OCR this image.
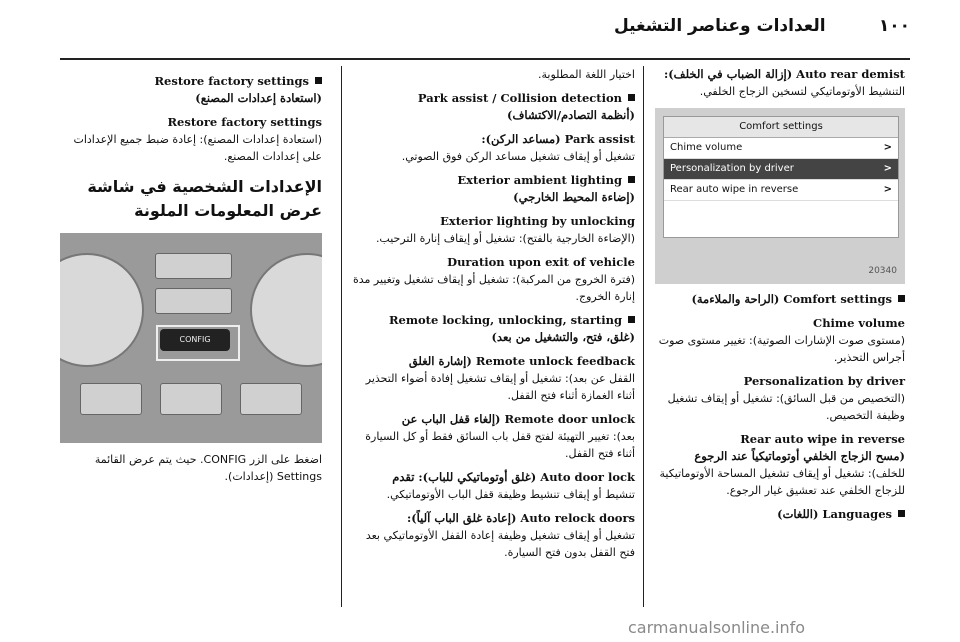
١٠٠         العدادات وعناصر التشغيل

Auto rear demist (إزالة الضباب في الخلف):

التنشيط الأوتوماتيكي لتسخين الزجاج الخلفي.

Comfort settings
Chime volume	>
Personalization by driver	>
Rear auto wipe in reverse	>
20340

Comfort settings (الراحة والملاءمة)

Chime volume

(مستوى صوت الإشارات الصوتية): تغيير مستوى صوت أجراس التحذير.

Personalization by driver

(التخصيص من قبل السائق): تشغيل أو إيقاف تشغيل وظيفة التخصيص.

Rear auto wipe in reverse

(مسح الزجاج الخلفي أوتوماتيكياً عند الرجوع

للخلف): تشغيل أو إيقاف تشغيل المساحة الأوتوماتيكية للزجاج الخلفي عند تعشيق غيار الرجوع.

Languages (اللغات)

اختيار اللغة المطلوبة.

Park assist / Collision detection

(أنظمة التصادم/الاكتشاف)

Park assist (مساعد الركن):

تشغيل أو إيقاف تشغيل مساعد الركن فوق الصوتي.

Exterior ambient lighting

(إضاءة المحيط الخارجي)

Exterior lighting by unlocking

(الإضاءة الخارجية بالفتح): تشغيل أو إيقاف إنارة الترحيب.

Duration upon exit of vehicle

(فترة الخروج من المركبة): تشغيل أو إيقاف تشغيل وتغيير مدة إنارة الخروج.

Remote locking, unlocking, starting

(غلق، فتح، والتشغيل من بعد)

Remote unlock feedback (إشارة الغلق

القفل عن بعد): تشغيل أو إيقاف تشغيل إفادة أضواء التحذير أثناء الغمازة أثناء فتح القفل.

Remote door unlock (إلغاء قفل الباب عن

بعد): تغيير التهيئة لفتح قفل باب السائق فقط أو كل السيارة أثناء فتح القفل.

Auto door lock (غلق أوتوماتيكي للباب): تقدم

تنشيط أو إيقاف تنشيط وظيفة قفل الباب الأوتوماتيكي.

Auto relock doors (إعادة غلق الباب آلياً):

تشغيل أو إيقاف تشغيل وظيفة إعادة القفل الأوتوماتيكي بعد فتح القفل بدون فتح السيارة.

Restore factory settings

(استعادة إعدادات المصنع)

Restore factory settings

(استعادة إعدادات المصنع): إعادة ضبط جميع الإعدادات على إعدادات المصنع.

الإعدادات الشخصية في شاشة عرض المعلومات الملونة

CONFIG

اضغط على الزر CONFIG. حيث يتم عرض القائمة Settings (إعدادات).

carmanualsonline.info
